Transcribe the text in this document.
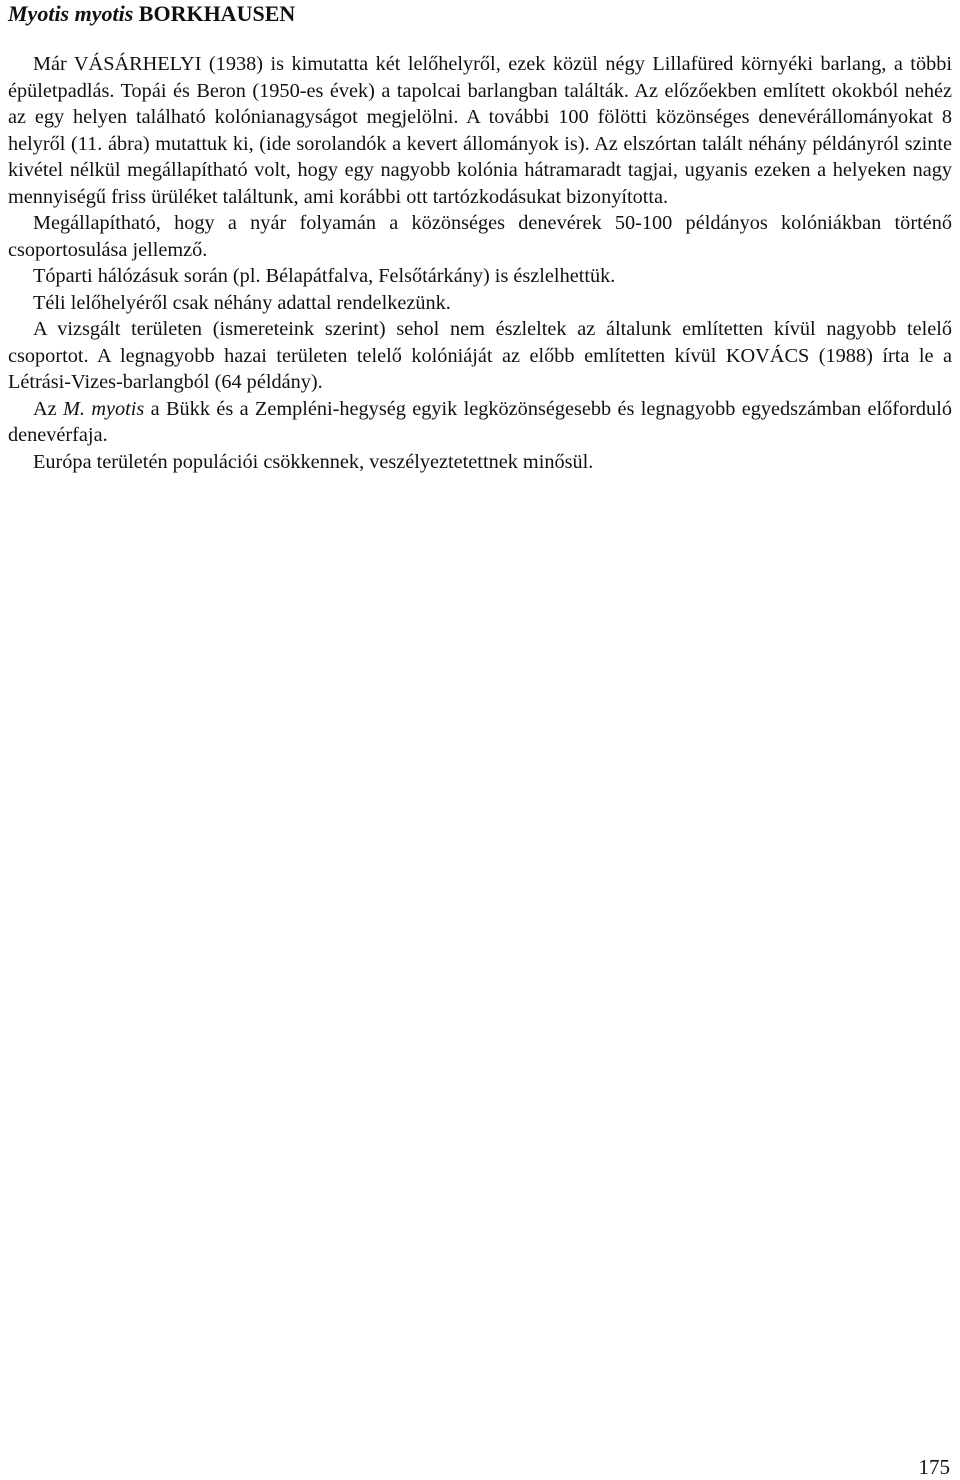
Myotis myotis BORKHAUSEN

Már VÁSÁRHELYI (1938) is kimutatta két lelőhelyről, ezek közül négy Lillafüred környéki barlang, a többi épületpadlás. Topái és Beron (1950-es évek) a tapolcai barlangban találták. Az előzőekben említett okokból nehéz az egy helyen található kolónianagyságot megjelölni. A további 100 fölötti közönséges denevérállományokat 8 helyről (11. ábra) mutattuk ki, (ide sorolandók a kevert állományok is). Az elszórtan talált néhány példányról szinte kivétel nélkül megállapítható volt, hogy egy nagyobb kolónia hátramaradt tagjai, ugyanis ezeken a helyeken nagy mennyiségű friss ürüléket találtunk, ami korábbi ott tartózkodásukat bizonyította.

Megállapítható, hogy a nyár folyamán a közönséges denevérek 50-100 példányos kolóniákban történő csoportosulása jellemző.

Tóparti hálózásuk során (pl. Bélapátfalva, Felsőtárkány) is észlelhettük.

Téli lelőhelyéről csak néhány adattal rendelkezünk.

A vizsgált területen (ismereteink szerint) sehol nem észleltek az általunk említetten kívül nagyobb telelő csoportot. A legnagyobb hazai területen telelő kolóniáját az előbb említetten kívül KOVÁCS (1988) írta le a Létrási-Vizes-barlangból (64 példány).

Az M. myotis a Bükk és a Zempléni-hegység egyik legközönségesebb és legnagyobb egyedszámban előforduló denevérfaja.

Európa területén populációi csökkennek, veszélyeztetettnek minősül.

175
